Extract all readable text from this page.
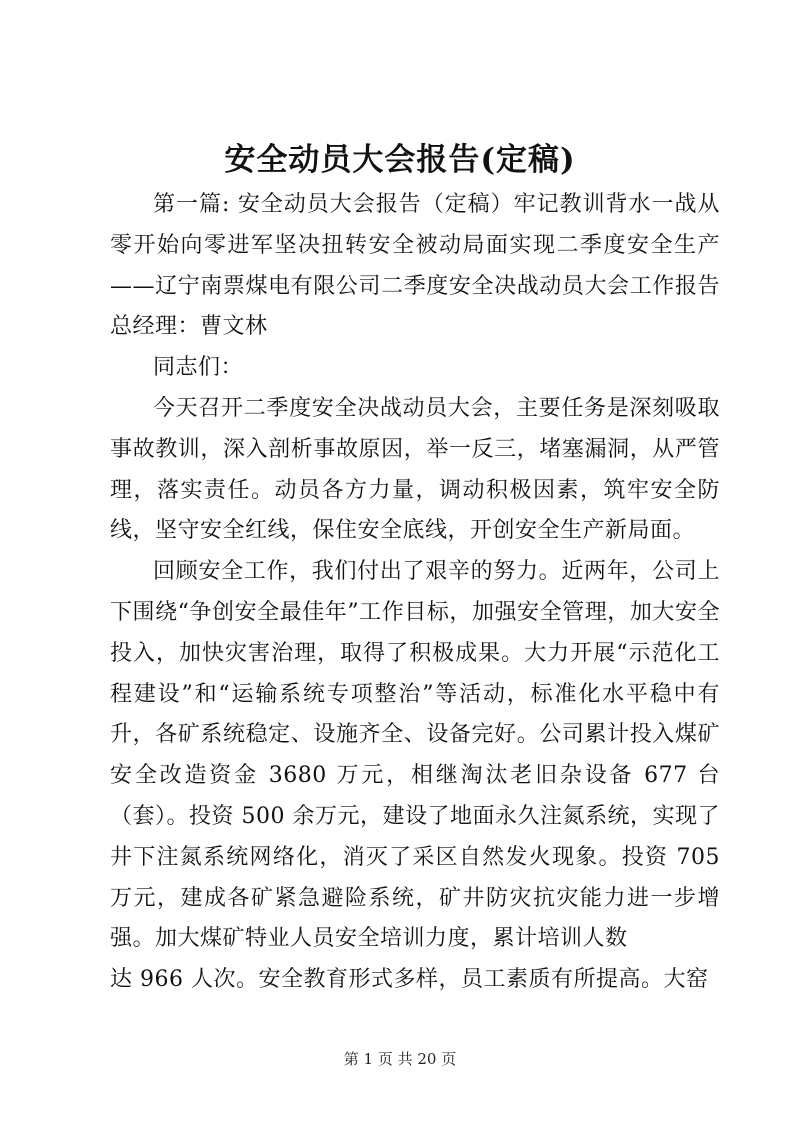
安全动员大会报告(定稿)

第一篇: 安全动员大会报告（定稿）牢记教训背水一战从零开始向零进军坚决扭转安全被动局面实现二季度安全生产——辽宁南票煤电有限公司二季度安全决战动员大会工作报告总经理：曹文林

同志们：

今天召开二季度安全决战动员大会，主要任务是深刻吸取事故教训，深入剖析事故原因，举一反三，堵塞漏洞，从严管理，落实责任。动员各方力量，调动积极因素，筑牢安全防线，坚守安全红线，保住安全底线，开创安全生产新局面。

回顾安全工作，我们付出了艰辛的努力。近两年，公司上下围绕“争创安全最佳年”工作目标，加强安全管理，加大安全投入，加快灾害治理，取得了积极成果。大力开展“示范化工程建设”和“运输系统专项整治”等活动，标准化水平稳中有升，各矿系统稳定、设施齐全、设备完好。公司累计投入煤矿安全改造资金 3680 万元，相继淘汰老旧杂设备 677 台（套）。投资 500 余万元，建设了地面永久注氮系统，实现了井下注氮系统网络化，消灭了采区自然发火现象。投资 705 万元，建成各矿紧急避险系统，矿井防灾抗灾能力进一步增强。加大煤矿特业人员安全培训力度，累计培训人数

达 966 人次。安全教育形式多样，员工素质有所提高。大窑

第 1 页 共 20 页
